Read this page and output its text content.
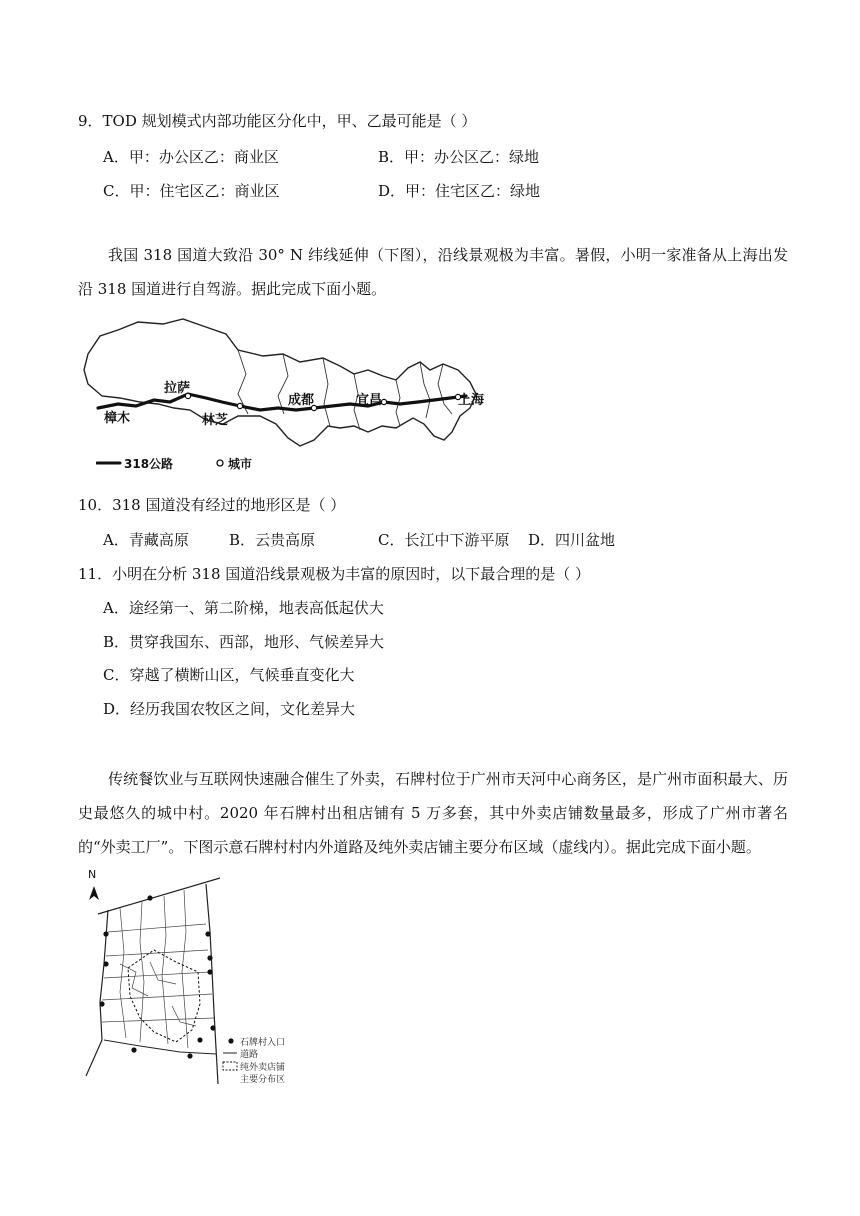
9．TOD 规划模式内部功能区分化中，甲、乙最可能是（ ）
A．甲：办公区乙：商业区	B．甲：办公区乙：绿地
C．甲：住宅区乙：商业区	D．甲：住宅区乙：绿地
我国 318 国道大致沿 30° N 纬线延伸（下图），沿线景观极为丰富。暑假，小明一家准备从上海出发沿 318 国道进行自驾游。据此完成下面小题。
拉萨
林芝
成都	宜昌	上海
樟木
318公路	城市
10．318 国道没有经过的地形区是（ ）
A．青藏高原	B．云贵高原	C．长江中下游平原 D．四川盆地
11．小明在分析 318 国道沿线景观极为丰富的原因时，以下最合理的是（ ）
A．途经第一、第二阶梯，地表高低起伏大
B．贯穿我国东、西部，地形、气候差异大
C．穿越了横断山区，气候垂直变化大
D．经历我国农牧区之间，文化差异大
传统餐饮业与互联网快速融合催生了外卖，石牌村位于广州市天河中心商务区，是广州市面积最大、历史最悠久的城中村。2020 年石牌村出租店铺有 5 万多套，其中外卖店铺数量最多，形成了广州市著名的“外卖工厂”。下图示意石牌村村内外道路及纯外卖店铺主要分布区域（虚线内）。据此完成下面小题。
N
石牌村入口
道路
纯外卖店铺
主要分布区
